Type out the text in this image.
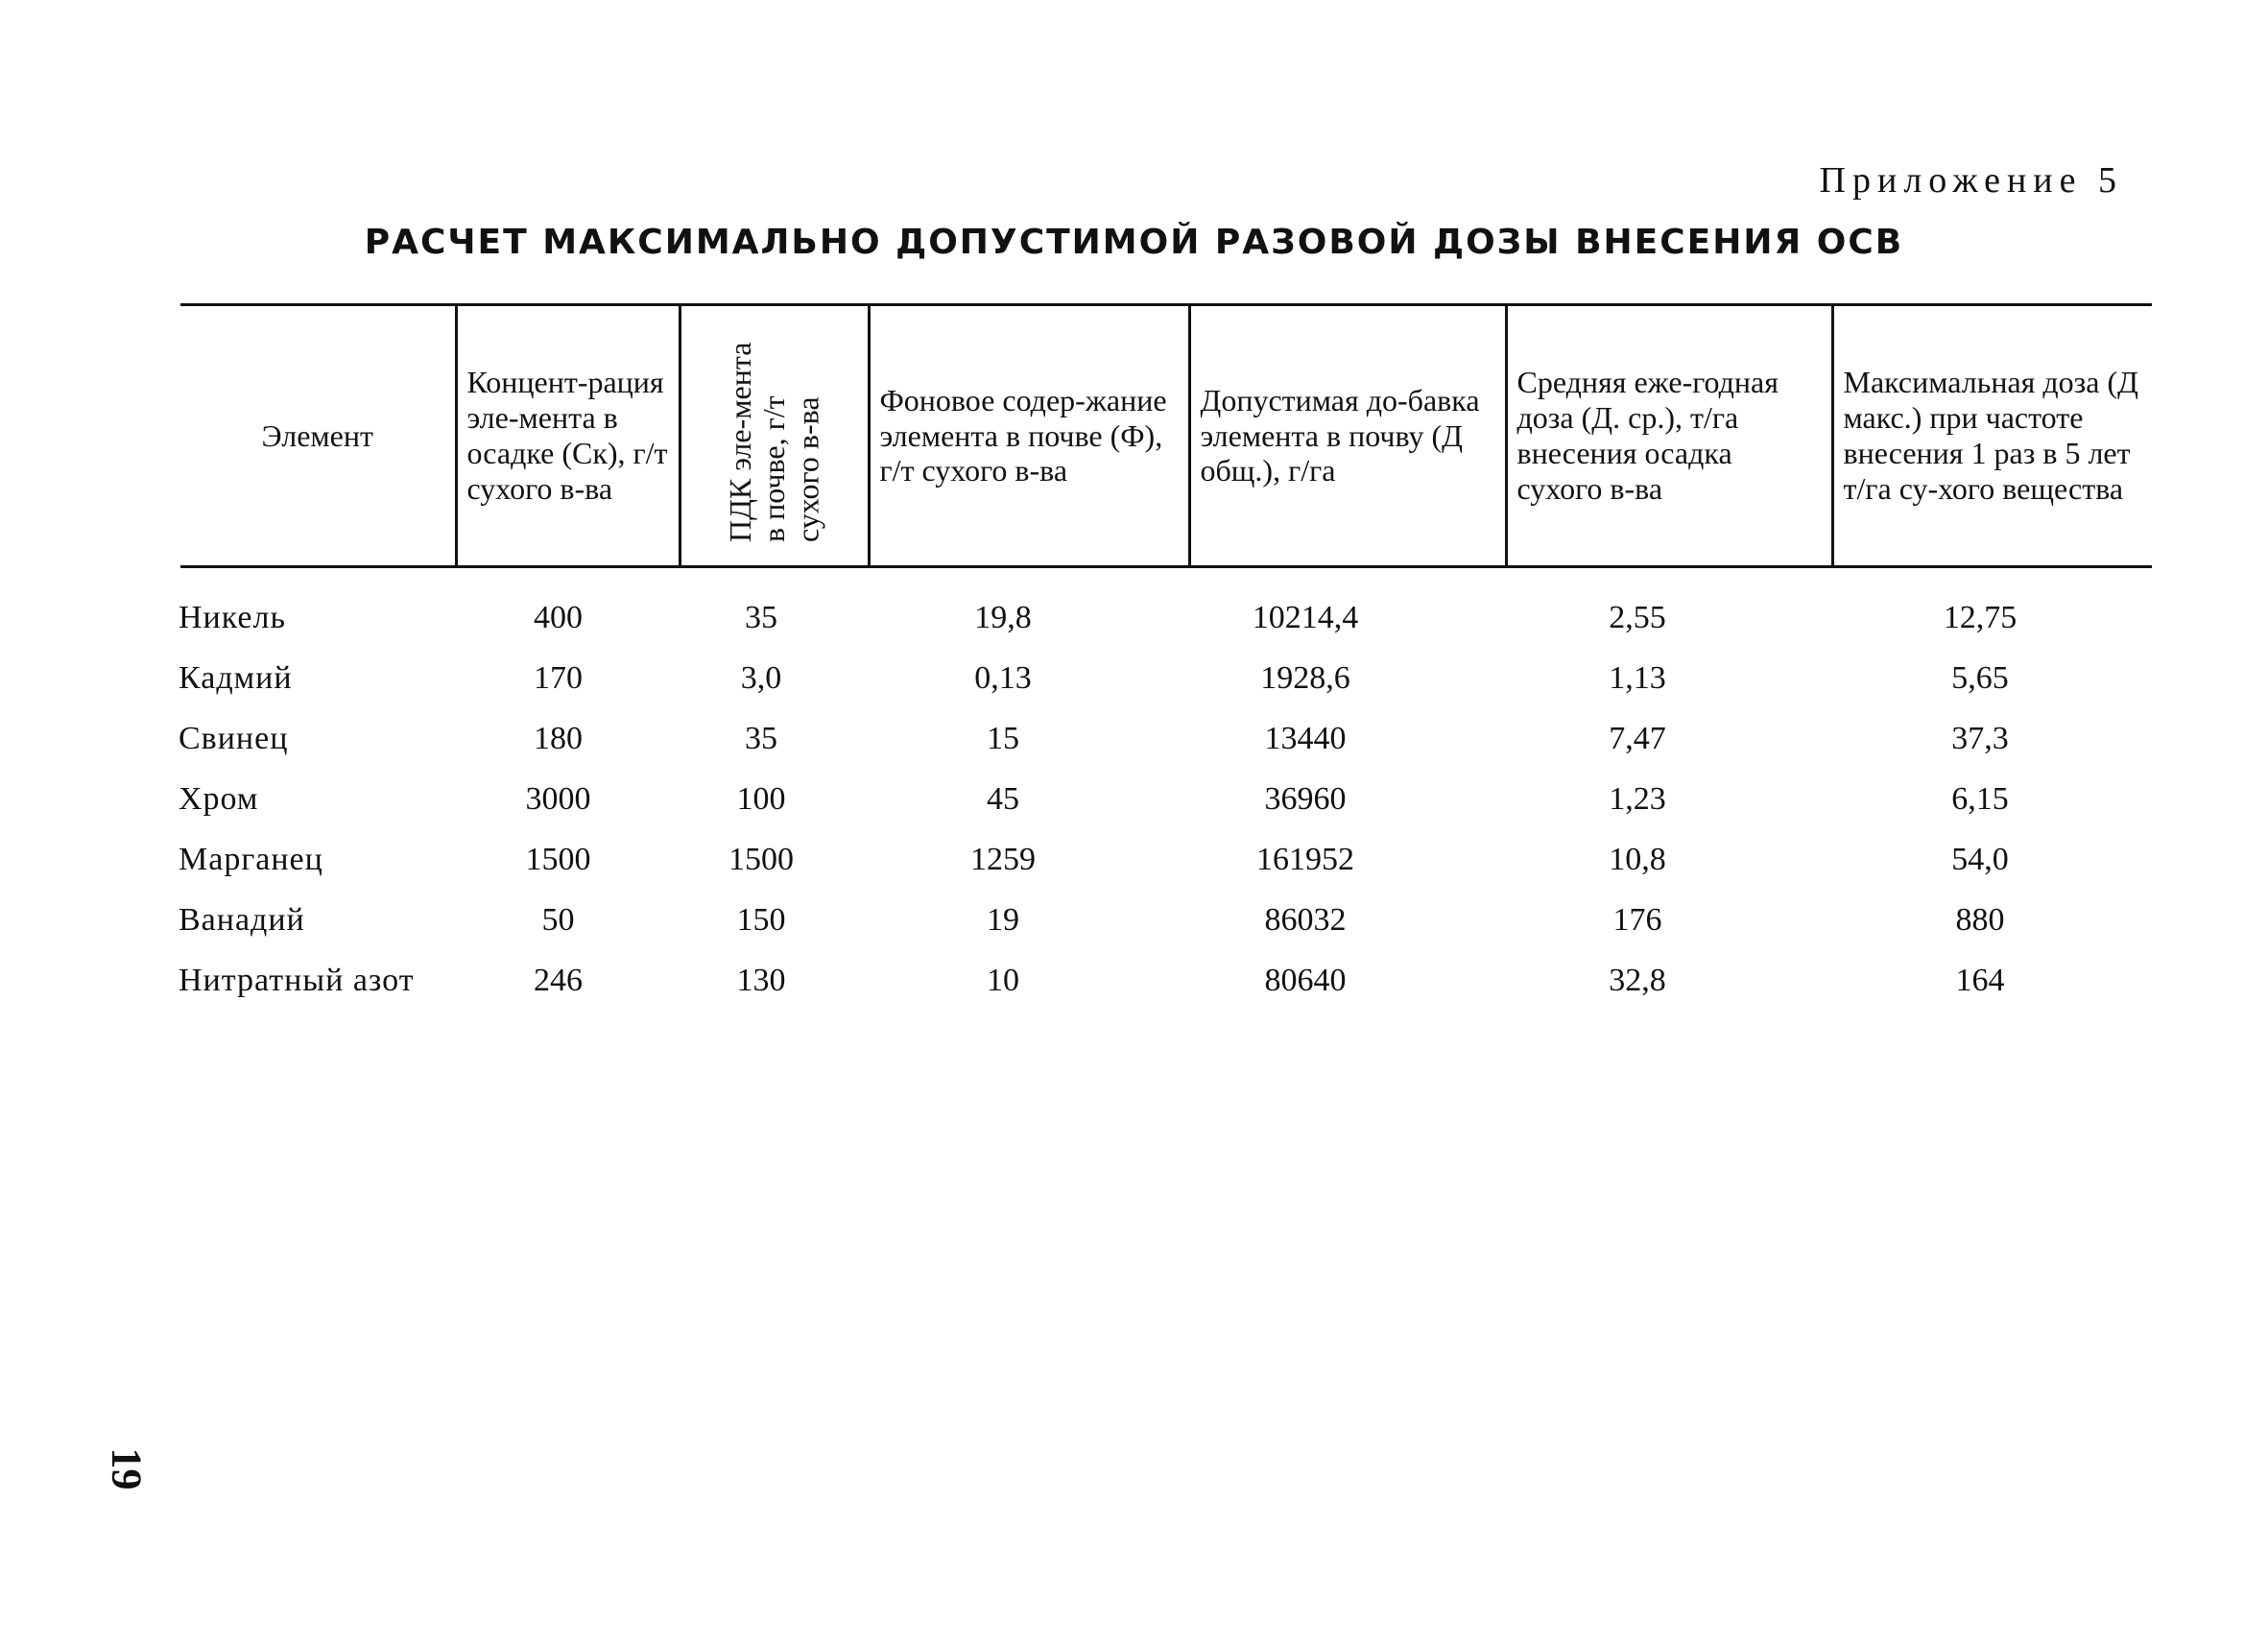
Приложение 5
РАСЧЕТ МАКСИМАЛЬНО ДОПУСТИМОЙ РАЗОВОЙ ДОЗЫ ВНЕСЕНИЯ ОСВ
Элемент	Концент-рация эле-мента в осадке (Ск), г/т сухого в-ва	ПДК эле-мента в почве, г/т сухого в-ва	Фоновое содер-жание элемента в почве (Ф), г/т сухого в-ва	Допустимая до-бавка элемента в почву (Д общ.), г/га	Средняя еже-годная доза (Д. ср.), т/га внесения осадка сухого в-ва	Максимальная доза (Д макс.) при частоте внесения 1 раз в 5 лет т/га су-хого вещества
Никель	400	35	19,8	10214,4	2,55	12,75
Кадмий	170	3,0	0,13	1928,6	1,13	5,65
Свинец	180	35	15	13440	7,47	37,3
Хром	3000	100	45	36960	1,23	6,15
Марганец	1500	1500	1259	161952	10,8	54,0
Ванадий	50	150	19	86032	176	880
Нитратный азот	246	130	10	80640	32,8	164
19
